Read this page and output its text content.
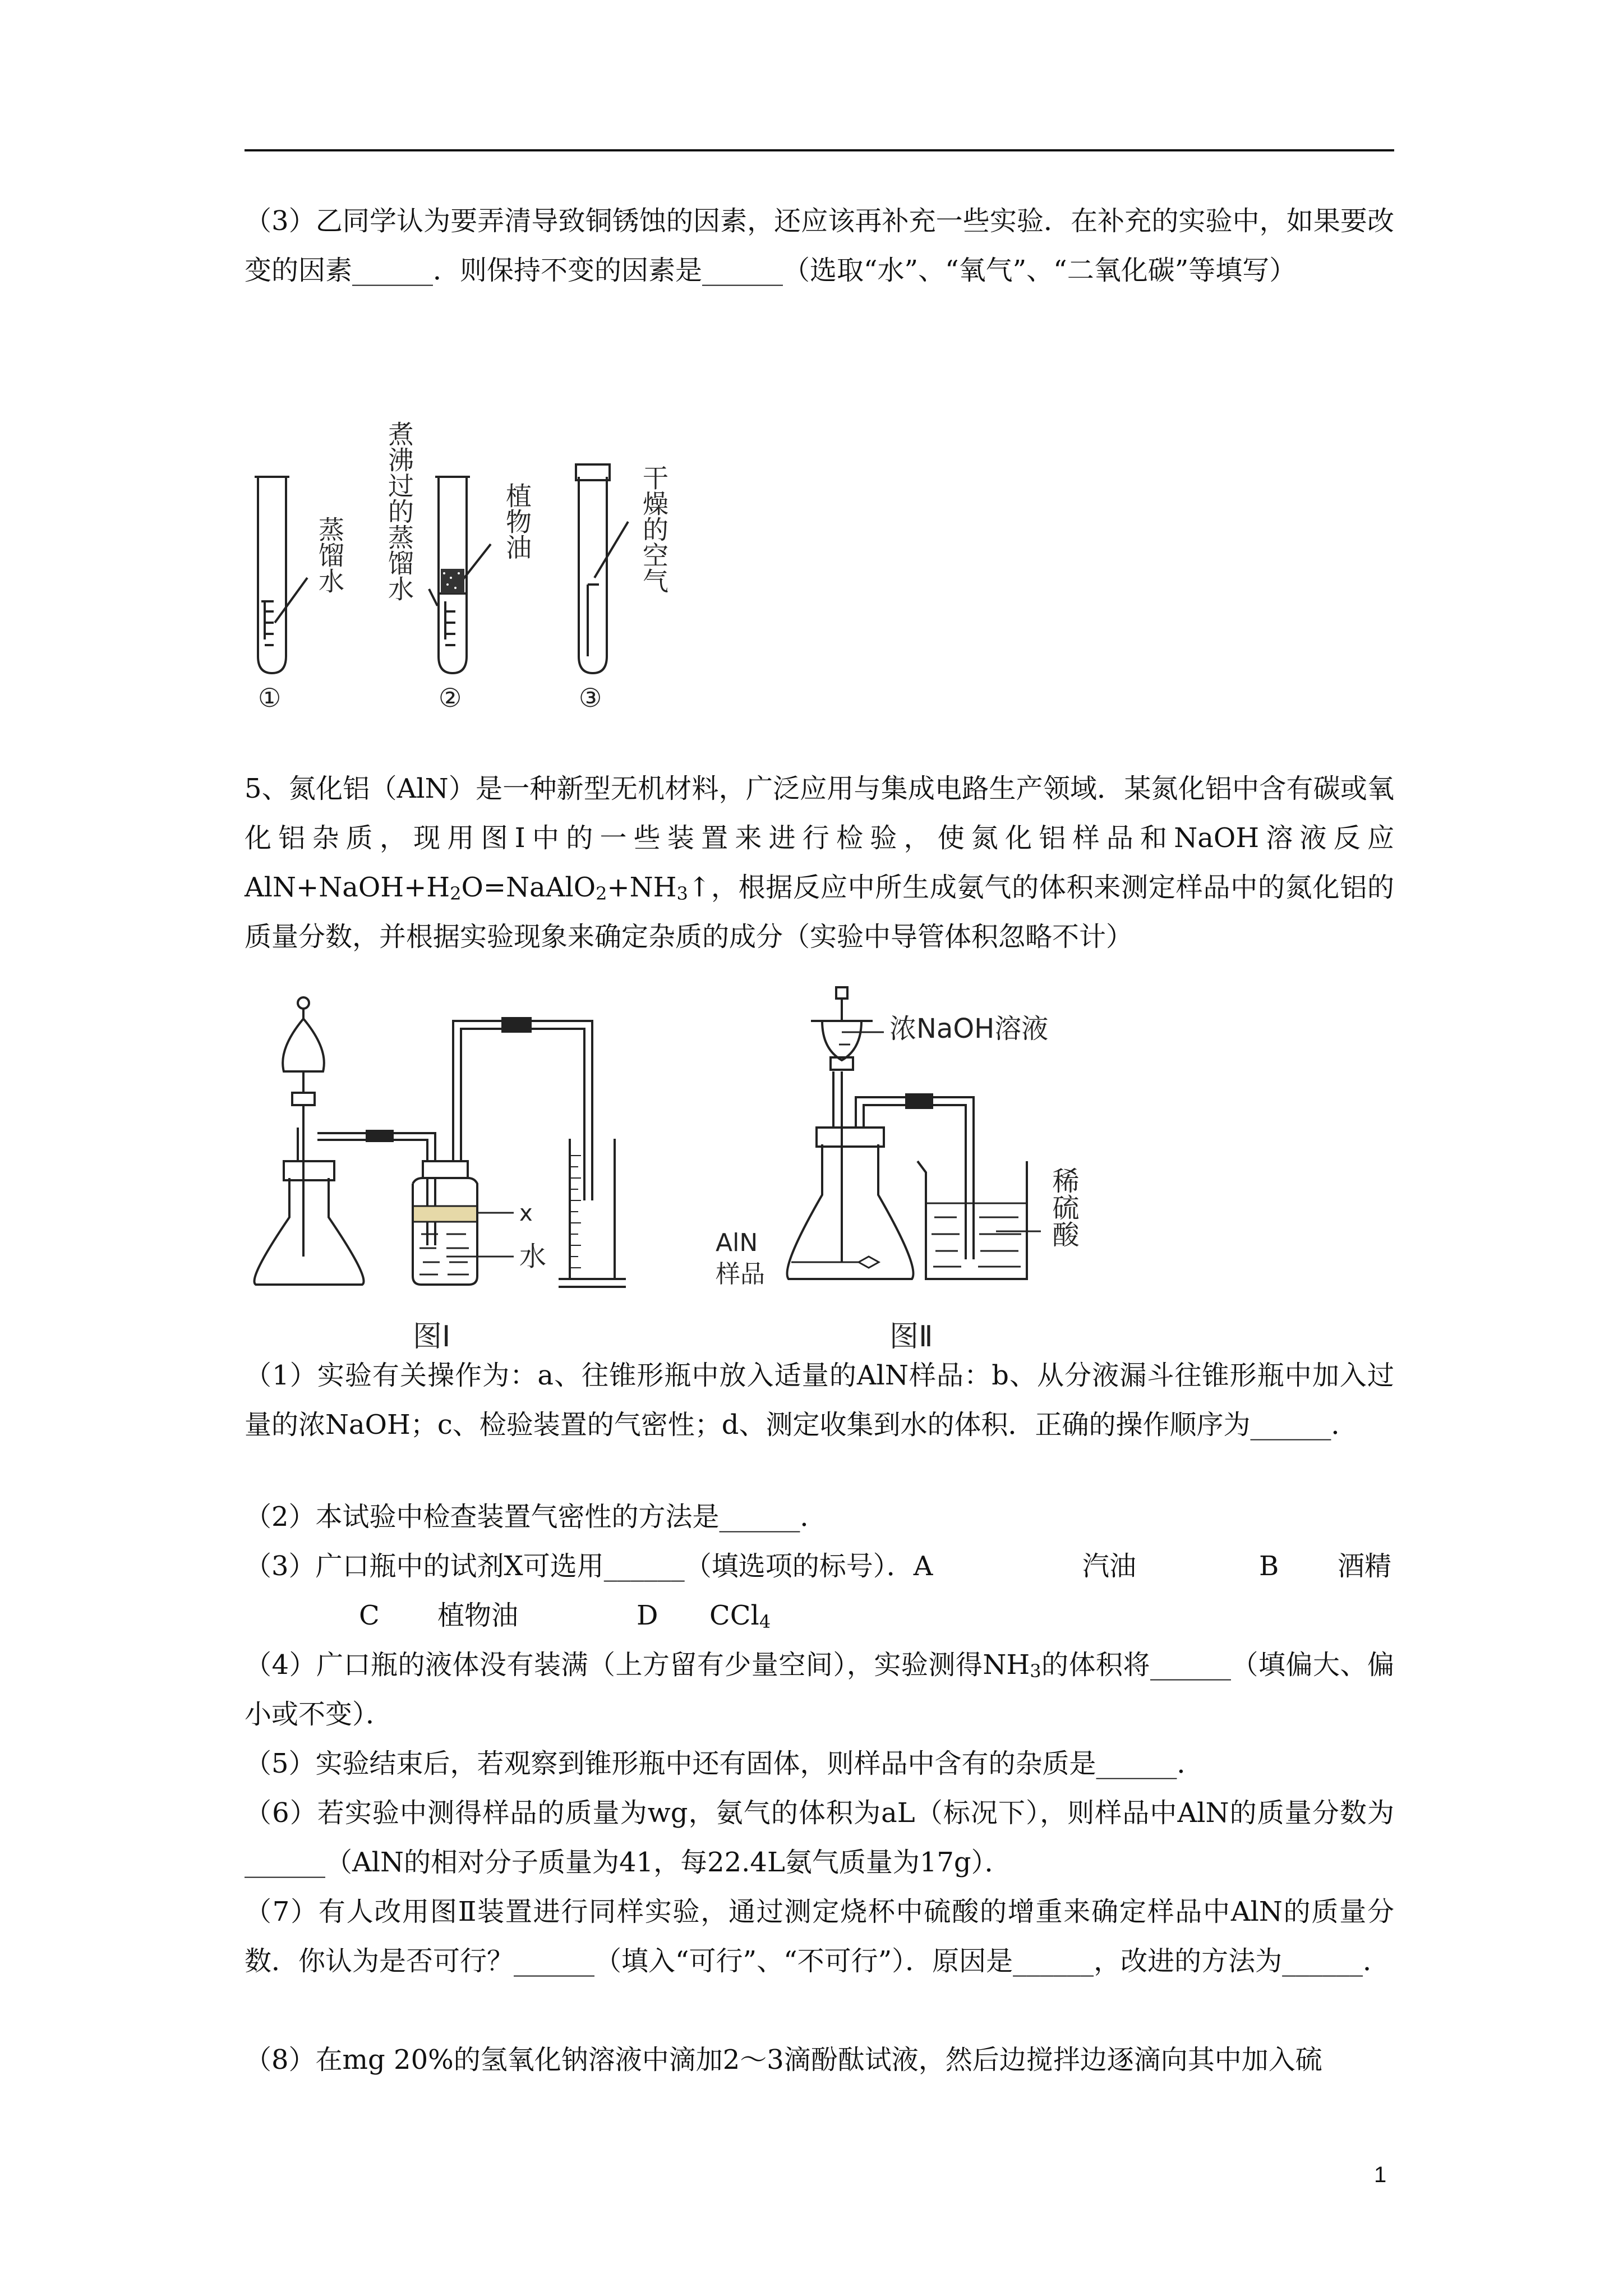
（3）乙同学认为要弄清导致铜锈蚀的因素，还应该再补充一些实验．在补充的实验中，如果要改变的因素______．则保持不变的因素是______（选取“水”、“氧气”、“二氧化碳”等填写）

蒸馏水 煮沸过的蒸馏水	植物油	干燥的空气
①	②	③

5、氮化铝（AlN）是一种新型无机材料，广泛应用与集成电路生产领域．某氮化铝中含有碳或氧化铝杂质，现用图Ⅰ中的一些装置来进行检验，使氮化铝样品和NaOH溶液反应$AlN+NaOH+H_2O=NaAlO_2+NH_3↑$，根据反应中所生成氨气的体积来测定样品中的氮化铝的质量分数，并根据实验现象来确定杂质的成分（实验中导管体积忽略不计）

x
水
图Ⅰ
浓NaOH溶液
稀硫酸
AlN
样品
图Ⅱ

（1）实验有关操作为：a、往锥形瓶中放入适量的AlN样品：b、从分液漏斗往锥形瓶中加入过量的浓NaOH；c、检验装置的气密性；d、测定收集到水的体积．正确的操作顺序为______．

（2）本试验中检查装置气密性的方法是______．

（3）广口瓶中的试剂X可选用______（填选项的标号）．A	汽油	B 酒精
C 植物油	D CCl$_4$

（4）广口瓶的液体没有装满（上方留有少量空间），实验测得$NH_3$的体积将______（填偏大、偏小或不变）．

（5）实验结束后，若观察到锥形瓶中还有固体，则样品中含有的杂质是______．

（6）若实验中测得样品的质量为wg，氨气的体积为aL（标况下），则样品中AlN的质量分数为______（AlN的相对分子质量为41，每22.4L氨气质量为17g）．

（7）有人改用图Ⅱ装置进行同样实验，通过测定烧杯中硫酸的增重来确定样品中AlN的质量分数．你认为是否可行？______（填入“可行”、“不可行”）．原因是______，改进的方法为______．

（8）在mg 20%的氢氧化钠溶液中滴加2～3滴酚酞试液，然后边搅拌边逐滴向其中加入硫

1
